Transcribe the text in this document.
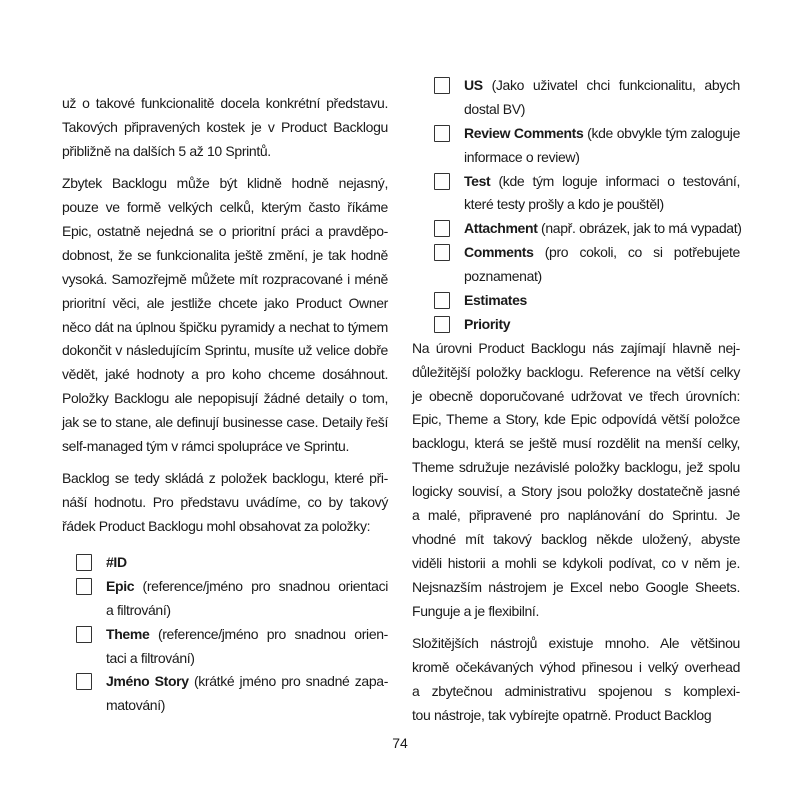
už o takové funkcionalitě docela konkrétní představu.
Takových připravených kostek je v Product Backlogu
přibližně na dalších 5 až 10 Sprintů.
Zbytek Backlogu může být klidně hodně nejasný,
pouze ve formě velkých celků, kterým často říkáme
Epic, ostatně nejedná se o prioritní práci a pravděpo-
dobnost, že se funkcionalita ještě změní, je tak hodně
vysoká. Samozřejmě můžete mít rozpracované i méně
prioritní věci, ale jestliže chcete jako Product Owner
něco dát na úplnou špičku pyramidy a nechat to týmem
dokončit v následujícím Sprintu, musíte už velice dobře
vědět, jaké hodnoty a pro koho chceme dosáhnout.
Položky Backlogu ale nepopisují žádné detaily o tom,
jak se to stane, ale definují businesse case. Detaily řeší
self-managed tým v rámci spolupráce ve Sprintu.
Backlog se tedy skládá z položek backlogu, které při-
náší hodnotu. Pro představu uvádíme, co by takový
řádek Product Backlogu mohl obsahovat za položky:
#ID
Epic (reference/jméno pro snadnou orientaci
a filtrování)
Theme (reference/jméno pro snadnou orien-
taci a filtrování)
Jméno Story (krátké jméno pro snadné zapa-
matování)
US (Jako uživatel chci funkcionalitu, abych
dostal BV)
Review Comments (kde obvykle tým zaloguje
informace o review)
Test (kde tým loguje informaci o testování,
které testy prošly a kdo je pouštěl)
Attachment (např. obrázek, jak to má vypadat)
Comments (pro cokoli, co si potřebujete
poznamenat)
Estimates
Priority
Na úrovni Product Backlogu nás zajímají hlavně nej-
důležitější položky backlogu. Reference na větší celky
je obecně doporučované udržovat ve třech úrovních:
Epic, Theme a Story, kde Epic odpovídá větší položce
backlogu, která se ještě musí rozdělit na menší celky,
Theme sdružuje nezávislé položky backlogu, jež spolu
logicky souvisí, a Story jsou položky dostatečně jasné
a malé, připravené pro naplánování do Sprintu. Je
vhodné mít takový backlog někde uložený, abyste
viděli historii a mohli se kdykoli podívat, co v něm je.
Nejsnazším nástrojem je Excel nebo Google Sheets.
Funguje a je flexibilní.
Složitějších nástrojů existuje mnoho. Ale většinou
kromě očekávaných výhod přinesou i velký overhead
a zbytečnou administrativu spojenou s komplexi-
tou nástroje, tak vybírejte opatrně. Product Backlog
74
